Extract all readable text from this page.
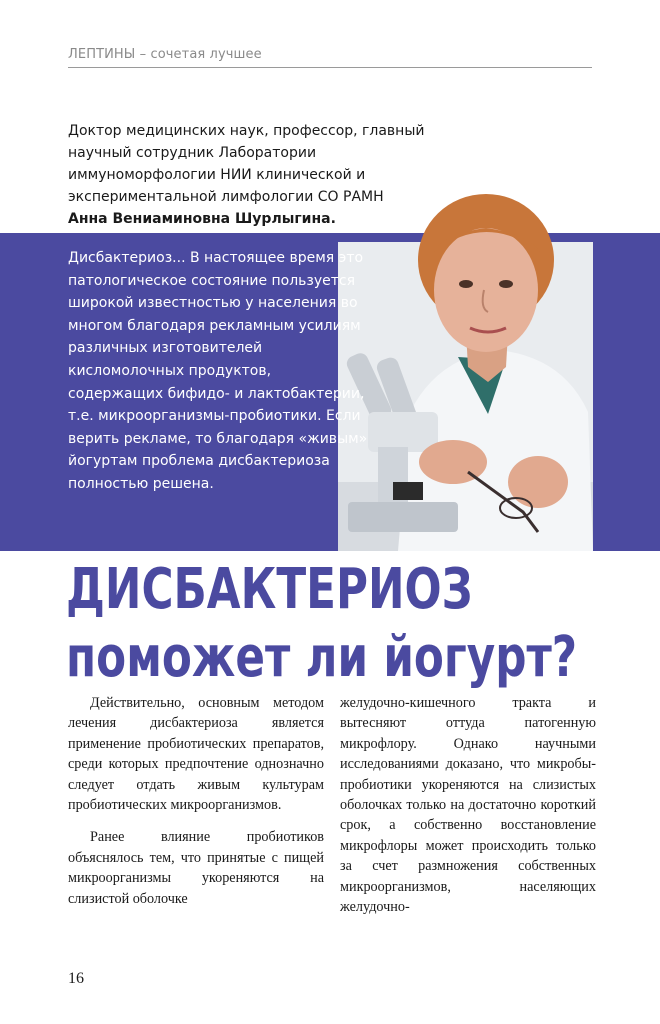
ЛЕПТИНЫ – сочетая лучшее
Доктор медицинских наук, профессор, главный научный сотрудник Лаборатории иммуноморфологии НИИ клинической и экспериментальной лимфологии СО РАМН
Анна Вениаминовна Шурлыгина.
Дисбактериоз... В настоящее время это патологическое состояние пользуется широкой известностью у населения во многом благодаря рекламным усилиям различных изготовителей кисломолочных продуктов, содержащих бифидо- и лактобактерии, т.е. микроорганизмы-пробиотики. Если верить рекламе, то благодаря «живым» йогуртам проблема дисбактериоза полностью решена.
ДИСБАКТЕРИОЗ
поможет ли йогурт?

Действительно, основным методом лечения дисбактериоза является применение пробиотических препаратов, среди которых предпочтение однозначно следует отдать живым культурам пробиотических микроорганизмов.

Ранее влияние пробиотиков объяснялось тем, что принятые с пищей микроорганизмы укореняются на слизистой оболочке

желудочно-кишечного тракта и вытесняют оттуда патогенную микрофлору. Однако научными исследованиями доказано, что микробы-пробиотики укореняются на слизистых оболочках только на достаточно короткий срок, а собственно восстановление микрофлоры может происходить только за счет размножения собственных микроорганизмов, населяющих желудочно-

16
